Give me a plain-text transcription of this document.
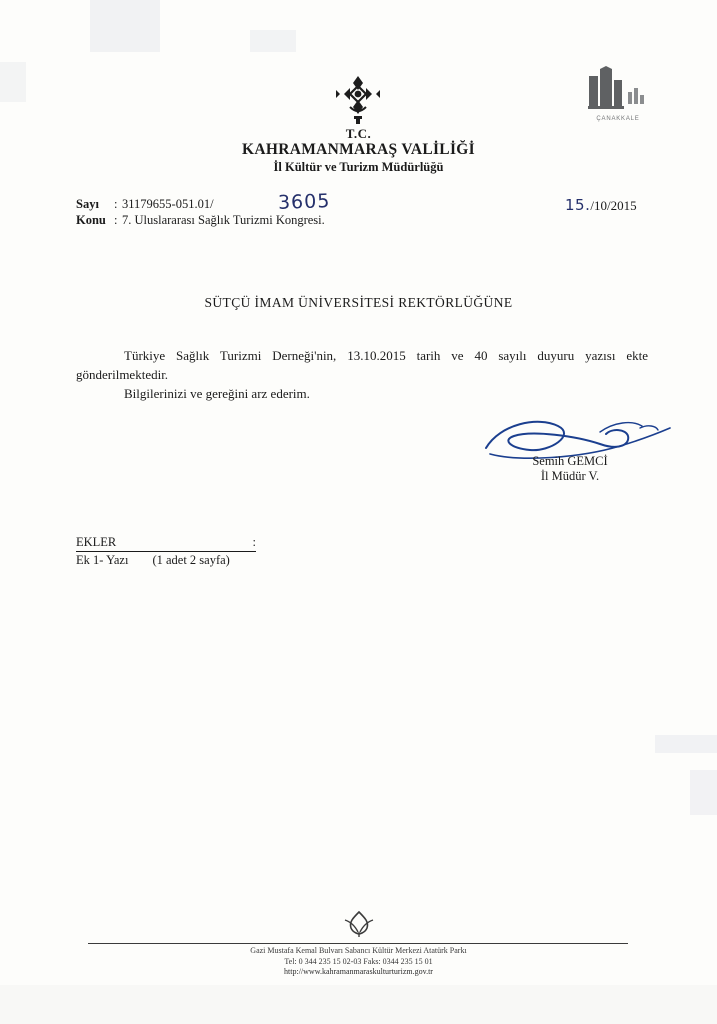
ÇANAKKALE
T.C.
KAHRAMANMARAŞ VALİLİĞİ
İl Kültür ve Turizm Müdürlüğü
Sayı : 31179655-051.01/
Konu : 7. Uluslararası Sağlık Turizmi Kongresi.
3605	15./10/2015
SÜTÇÜ İMAM ÜNİVERSİTESİ REKTÖRLÜĞÜNE

Türkiye Sağlık Turizmi Derneği'nin, 13.10.2015 tarih ve 40 sayılı duyuru yazısı ekte gönderilmektedir.

Bilgilerinizi ve gereğini arz ederim.

Semih GEMCİ
İl Müdür V.
EKLER	:
Ek 1- Yazı (1 adet 2 sayfa)
Gazi Mustafa Kemal Bulvarı Sabancı Kültür Merkezi Atatürk Parkı
Tel: 0 344 235 15 02-03 Faks: 0344 235 15 01
http://www.kahramanmaraskulturturizm.gov.tr
